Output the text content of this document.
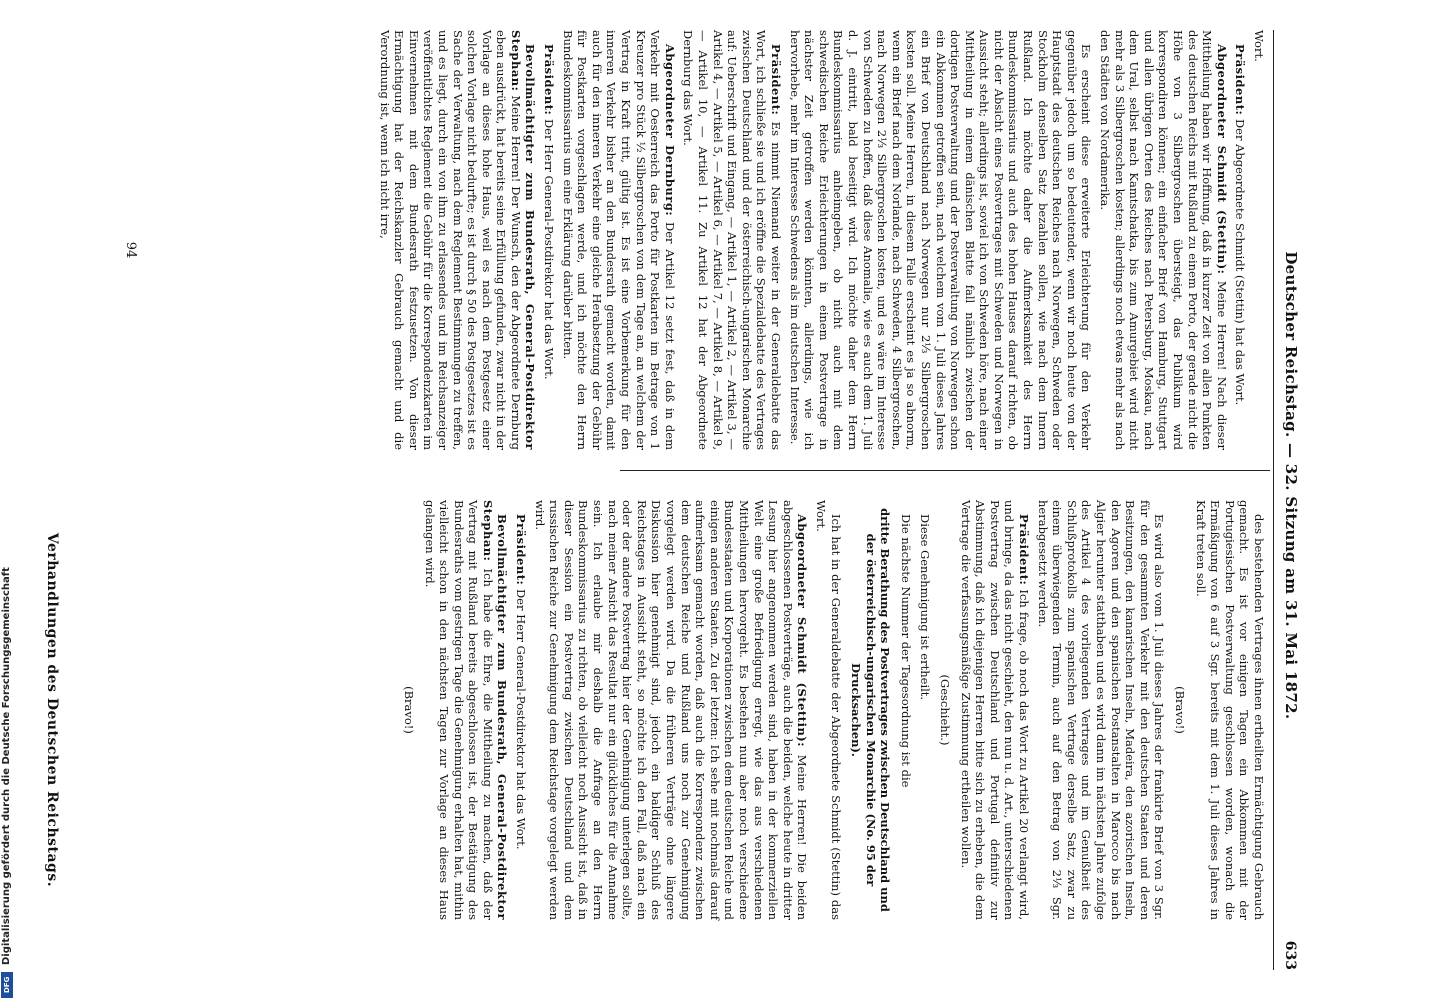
Digitalisierung gefördert durch die Deutsche Forschungsgemeinschaft
DFG
Deutscher Reichstag. — 32. Sitzung am 31. Mai 1872.
633

Wort.

Präsident: Der Abgeordnete Schmidt (Stettin) hat das Wort.

Abgeordneter Schmidt (Stettin): Meine Herren! Nach dieser Mittheilung haben wir Hoffnung, daß in kurzer Zeit von allen Punkten des deutschen Reichs mit Rußland zu einem Porto, der gerade nicht die Höhe von 3 Silbergroschen übersteigt, das Publikum wird korrespondiren können; ein einfacher Brief von Hamburg, Stuttgart und allen übrigen Orten des Reiches nach Petersburg, Moskau, nach dem Ural, selbst nach Kamtschatka, bis zum Amurgebiet wird nicht mehr als 3 Silbergroschen kosten; allerdings noch etwas mehr als nach den Städten von Nordamerika.

Es erscheint diese erweiterte Erleichterung für den Verkehr gegenüber jedoch um so bedeutender, wenn wir noch heute von der Hauptstadt des deutschen Reiches nach Norwegen, Schweden oder Stockholm denselben Satz bezahlen sollen, wie nach dem Innern Rußland. Ich möchte daher die Aufmerksamkeit des Herrn Bundeskommissarius und auch des hohen Hauses darauf richten, ob nicht der Absicht eines Postvertrages mit Schweden und Norwegen in Aussicht steht; allerdings ist, soviel ich von Schweden höre, nach einer Mittheilung in einem dänischen Blatte fall nämlich zwischen der dortigen Postverwaltung und der Postverwaltung von Norwegen schon ein Abkommen getroffen sein, nach welchem vom 1. Juli dieses Jahres ein Brief von Deutschland nach Norwegen nur 2⅓ Silbergroschen kosten soll. Meine Herren, in diesem Falle erscheint es ja so abnorm, wenn ein Brief nach dem Norlande, nach Schweden, 4 Silbergroschen, nach Norwegen 2⅓ Silbergroschen kosten, und es wäre im Interesse von Schweden zu hoffen, daß diese Anomalie, wie es auch dem 1. Juli d. J. eintritt, bald beseitigt wird. Ich möchte daher dem Herrn Bundeskommissarius anheimgeben, ob nicht auch mit dem schwedischen Reiche Erleichterungen in einem Postvertrage in nächster Zeit getroffen werden könnten, allerdings, wie ich hervorhebe, mehr im Interesse Schwedens als im deutschen Interesse.

Präsident: Es nimmt Niemand weiter in der Generaldebatte das Wort, ich schließe sie und ich eröffne die Spezialdebatte des Vertrages zwischen Deutschland und der österreichisch-ungarischen Monarchie auf: Ueberschrift und Eingang, — Artikel 1, — Artikel 2, — Artikel 3, — Artikel 4, — Artikel 5, — Artikel 6, — Artikel 7, — Artikel 8, — Artikel 9, — Artikel 10, — Artikel 11. Zu Artikel 12 hat der Abgeordnete Dernburg das Wort.

Abgeordneter Dernburg: Der Artikel 12 setzt fest, daß in dem Verkehr mit Oesterreich das Porto für Postkarten im Betrage von 1 Kreuzer pro Stück ½ Silbergroschen von dem Tage an, an welchem der Vertrag in Kraft tritt, gültig ist. Es ist eine Vorbemerkung für den inneren Verkehr bisher an den Bundesrath gemacht worden, damit auch für den inneren Verkehr eine gleiche Herabsetzung der Gebühr für Postkarten vorgeschlagen werde, und ich möchte den Herrn Bundeskommissarius um eine Erklärung darüber bitten.

Präsident: Der Herr General-Postdirektor hat das Wort.

Bevollmächtigter zum Bundesrath, General-Postdirektor Stephan: Meine Herren! Der Wunsch, den der Abgeordnete Dernburg eben ausdrückt, hat bereits seine Erfüllung gefunden, zwar nicht in der Vorlage an dieses hohe Haus, weil es nach dem Postgesetz einer solchen Vorlage nicht bedurfte; es ist durch § 50 des Postgesetzes ist es Sache der Verwaltung, nach dem Reglement Bestimmungen zu treffen, und es liegt, durch ein von ihm zu erlassendes und im Reichsanzeiger veröffentlichtes Reglement die Gebühr für die Korrespondenzkarten im Einvernehmen mit dem Bundesrath festzusetzen. Von dieser Ermächtigung hat der Reichskanzler Gebrauch gemacht und die Verordnung ist, wenn ich nicht irre,

des bestehenden Vertrages ihnen ertheilten Ermächtigung Gebrauch gemacht. Es ist vor einigen Tagen ein Abkommen mit der Portugiesischen Postverwaltung geschlossen worden, wonach die Ermäßigung von 6 auf 3 Sgr. bereits mit dem 1. Juli dieses Jahres in Kraft treten soll.

(Bravo!)

Es wird also vom 1. Juli dieses Jahres der frankirte Brief von 3 Sgr. für den gesammten Verkehr mit den deutschen Staaten und deren Besitzungen, den kanarischen Inseln, Madeira, den azorischen Inseln, den Agoren und den spanischen Postanstalten in Marocco bis nach Algier herunter statthaben und es wird dann im nächsten Jahre zufolge des Artikel 4 des vorliegenden Vertrages und im Genußheit des Schlußprotokolls zum spanischen Vertrage derselbe Satz, zwar zu einem überwiegenden Termin, auch auf den Betrag von 2⅓ Sgr. herabgesetzt werden.

Präsident: Ich frage, ob noch das Wort zu Artikel 20 verlangt wird, und bringe, da das nicht geschieht, den nun u. d. Art., unterschiedenen Postvertrag zwischen Deutschland und Portugal definitiv zur Abstimmung, daß ich diejenigen Herren bitte sich zu erheben, die dem Vertrage die verfassungsmäßige Zustimmung ertheilen wollen.

(Geschieht.)

Diese Genehmigung ist ertheilt.

Die nächste Nummer der Tagesordnung ist die

dritte Berathung des Postvertrages zwischen Deutschland und der österreichisch-ungarischen Monarchie (No. 95 der Drucksachen).

Ich hat in der Generaldebatte der Abgeordnete Schmidt (Stettin) das Wort.

Abgeordneter Schmidt (Stettin): Meine Herren! Die beiden abgeschlossenen Postverträge, auch die beiden, welche heute in dritter Lesung hier angenommen werden sind, haben in der kommerziellen Welt eine große Befriedigung erregt, wie das aus verschiedenen Mittheilungen hervorgeht. Es bestehen nun aber noch verschiedene Bundesstaaten und Korporationen zwischen dem deutschen Reiche und einigen anderen Staaten. Zu der letzten: Ich sehe mit nochmals darauf aufmerksam gemacht worden, daß auch die Korrespondenz zwischen dem deutschen Reiche und Rußland uns noch zur Genehmigung vorgelegt werden wird. Da die früheren Verträge ohne längere Diskussion hier genehmigt sind, jedoch ein baldiger Schluß des Reichstages in Aussicht steht, so möchte ich den Fall, daß nach ein oder der andere Postvertrag hier der Genehmigung unterlegen sollte, nach meiner Ansicht das Resultat nur ein glückliches für die Annahme sein. Ich erlaube mir deshalb die Anfrage an den Herrn Bundeskommissarius zu richten, ob vielleicht noch Aussicht ist, daß in dieser Session ein Postvertrag zwischen Deutschland und dem russischen Reiche zur Genehmigung dem Reichstage vorgelegt werden wird.

Präsident: Der Herr General-Postdirektor hat das Wort.

Bevollmächtigter zum Bundesrath, General-Postdirektor Stephan: Ich habe die Ehre, die Mittheilung zu machen, daß der Vertrag mit Rußland bereits abgeschlossen ist, der Bestätigung des Bundesraths vom gestrigen Tage die Genehmigung erhalten hat, mithin vielleicht schon in den nächsten Tagen zur Vorlage an dieses Haus gelangen wird.

(Bravo!)

94
Verhandlungen des Deutschen Reichstags.
